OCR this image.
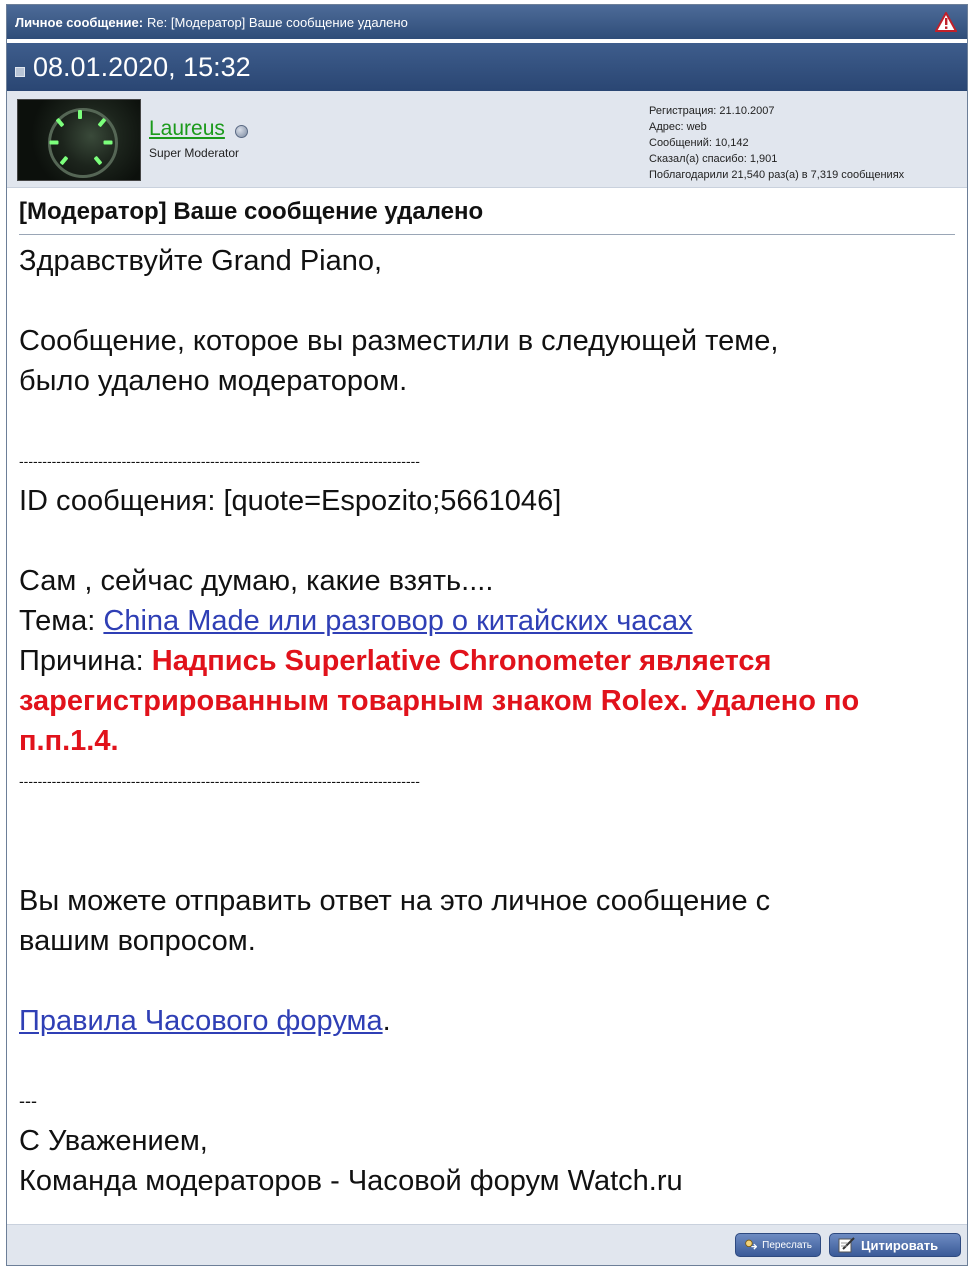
Личное сообщение: Re: [Модератор] Ваше сообщение удалено
08.01.2020, 15:32
Laureus
Super Moderator
Регистрация: 21.10.2007
Адрес: web
Сообщений: 10,142
Сказал(а) спасибо: 1,901
Поблагодарили 21,540 раз(а) в 7,319 сообщениях
[Модератор] Ваше сообщение удалено

Здравствуйте Grand Piano,

Сообщение, которое вы разместили в следующей теме,

было удалено модератором.

--------------------------------------------------------------------------------------

ID сообщения: [quote=Espozito;5661046]

Сам , сейчас думаю, какие взять....

Тема: China Made или разговор о китайских часах

Причина: Надпись Superlative Chronometer является зарегистрированным товарным знаком Rolex. Удалено по п.п.1.4.

--------------------------------------------------------------------------------------

Вы можете отправить ответ на это личное сообщение с

вашим вопросом.

Правила Часового форума.

---

С Уважением,

Команда модераторов - Часовой форум Watch.ru

Переслать	Цитировать
